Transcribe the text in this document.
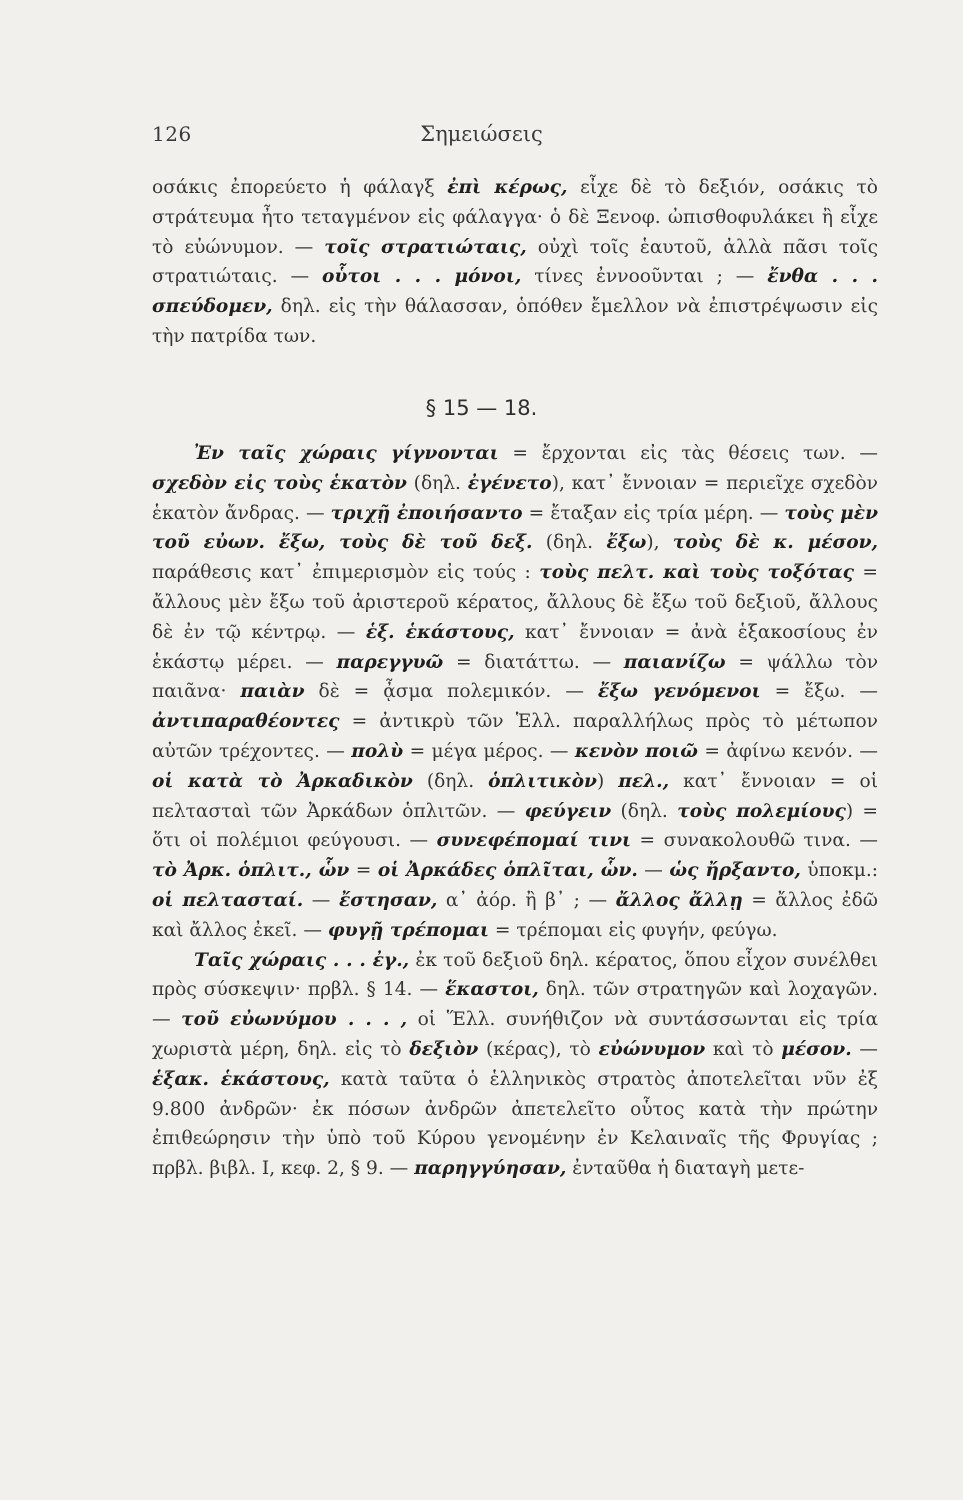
126	Σημειώσεις

οσάκις ἐπορεύετο ἡ φάλαγξ ἐπὶ κέρως, εἶχε δὲ τὸ δεξιόν, οσάκις τὸ στράτευμα ἦτο τεταγμένον εἰς φάλαγγα· ὁ δὲ Ξενοφ. ὠπισθοφυλάκει ἢ εἶχε τὸ εὐώνυμον. — τοῖς στρατιώταις, οὐχὶ τοῖς ἑαυτοῦ, ἀλλὰ πᾶσι τοῖς στρατιώταις. — οὗτοι . . . μόνοι, τίνες ἐννοοῦνται ; — ἔνθα . . . σπεύδομεν, δηλ. εἰς τὴν θάλασσαν, ὁπόθεν ἔμελλον νὰ ἐπιστρέψωσιν εἰς τὴν πατρίδα των.

§ 15 — 18.

Ἐν ταῖς χώραις γίγνονται = ἔρχονται εἰς τὰς θέσεις των. — σχεδὸν εἰς τοὺς ἑκατὸν (δηλ. ἐγένετο), κατ᾽ ἔννοιαν = περιεῖχε σχεδὸν ἑκατὸν ἄνδρας. — τριχῇ ἐποιήσαντο = ἔταξαν εἰς τρία μέρη. — τοὺς μὲν τοῦ εὐων. ἔξω, τοὺς δὲ τοῦ δεξ. (δηλ. ἔξω), τοὺς δὲ κ. μέσον, παράθεσις κατ᾽ ἐπιμερισμὸν εἰς τούς : τοὺς πελτ. καὶ τοὺς τοξότας = ἄλλους μὲν ἔξω τοῦ ἀριστεροῦ κέρατος, ἄλλους δὲ ἔξω τοῦ δεξιοῦ, ἄλλους δὲ ἐν τῷ κέντρῳ. — ἑξ. ἑκάστους, κατ᾽ ἔννοιαν = ἀνὰ ἑξακοσίους ἐν ἑκάστῳ μέρει. — παρεγγυῶ = διατάττω. — παιανίζω = ψάλλω τὸν παιᾶνα· παιὰν δὲ = ᾆσμα πολεμικόν. — ἔξω γενόμενοι = ἔξω. — ἀντιπαραθέοντες = ἀντικρὺ τῶν Ἑλλ. παραλλήλως πρὸς τὸ μέτωπον αὐτῶν τρέχοντες. — πολὺ = μέγα μέρος. — κενὸν ποιῶ = ἀφίνω κενόν. — οἱ κατὰ τὸ Ἀρκαδικὸν (δηλ. ὁπλιτικὸν) πελ., κατ᾽ ἔννοιαν = οἱ πελτασταὶ τῶν Ἀρκάδων ὁπλιτῶν. — φεύγειν (δηλ. τοὺς πολεμίους) = ὅτι οἱ πολέμιοι φεύγουσι. — συνεφέπομαί τινι = συνακολουθῶ τινα. — τὸ Ἀρκ. ὁπλιτ., ὧν = οἱ Ἀρκάδες ὁπλῖται, ὧν. — ὡς ἤρξαντο, ὑποκμ.: οἱ πελτασταί. — ἔστησαν, α᾽ ἀόρ. ἢ β᾽ ; — ἄλλος ἄλλῃ = ἄλλος ἐδῶ καὶ ἄλλος ἐκεῖ. — φυγῇ τρέπομαι = τρέπομαι εἰς φυγήν, φεύγω.

Ταῖς χώραις . . . ἐγ., ἐκ τοῦ δεξιοῦ δηλ. κέρατος, ὅπου εἶχον συνέλθει πρὸς σύσκεψιν· πρβλ. § 14. — ἕκαστοι, δηλ. τῶν στρατηγῶν καὶ λοχαγῶν. — τοῦ εὐωνύμου . . . , οἱ Ἕλλ. συνήθιζον νὰ συντάσσωνται εἰς τρία χωριστὰ μέρη, δηλ. εἰς τὸ δεξιὸν (κέρας), τὸ εὐώνυμον καὶ τὸ μέσον. — ἑξακ. ἑκάστους, κατὰ ταῦτα ὁ ἑλληνικὸς στρατὸς ἀποτελεῖται νῦν ἐξ 9.800 ἀνδρῶν· ἐκ πόσων ἀνδρῶν ἀπετελεῖτο οὗτος κατὰ τὴν πρώτην ἐπιθεώρησιν τὴν ὑπὸ τοῦ Κύρου γενομένην ἐν Κελαιναῖς τῆς Φρυγίας ; πρβλ. βιβλ. Ι, κεφ. 2, § 9. — παρηγγύησαν, ἐνταῦθα ἡ διαταγὴ μετε-
